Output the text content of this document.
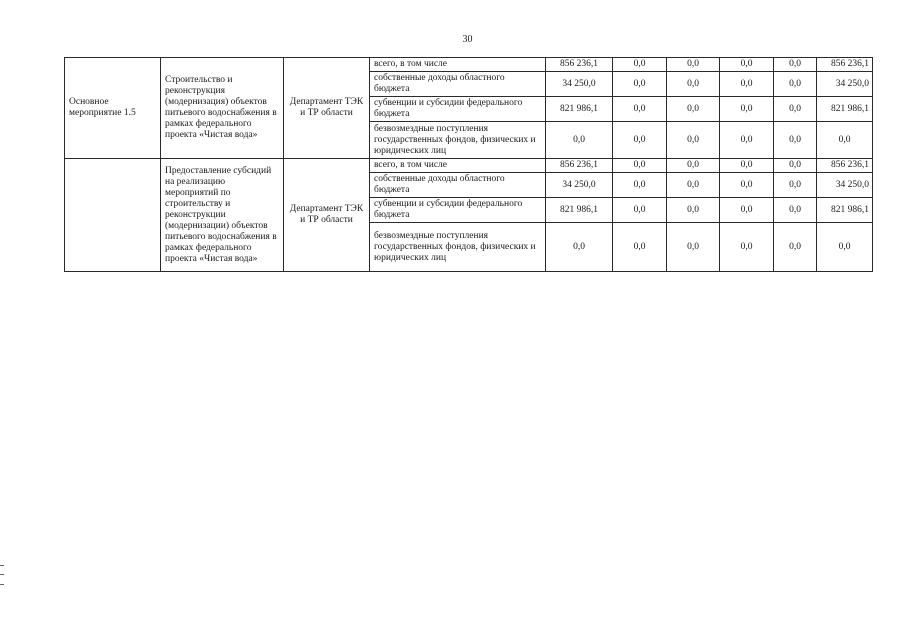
30
Основное мероприятие 1.5	Строительство и реконструкция (модернизация) объектов питьевого водоснабжения в рамках федерального проекта «Чистая вода»	Департамент ТЭК и ТР области	всего, в том числе	856 236,1	0,0	0,0	0,0	0,0	856 236,1
			собственные доходы областного бюджета	34 250,0	0,0	0,0	0,0	0,0	34 250,0
			субвенции и субсидии федерального бюджета	821 986,1	0,0	0,0	0,0	0,0	821 986,1
			безвозмездные поступления государственных фондов, физических и юридических лиц	0,0	0,0	0,0	0,0	0,0	0,0
	Предоставление субсидий на реализацию мероприятий по строительству и реконструкции (модернизации) объектов питьевого водоснабжения в рамках федерального проекта «Чистая вода»	Департамент ТЭК и ТР области	всего, в том числе	856 236,1	0,0	0,0	0,0	0,0	856 236,1
			собственные доходы областного бюджета	34 250,0	0,0	0,0	0,0	0,0	34 250,0
			субвенции и субсидии федерального бюджета	821 986,1	0,0	0,0	0,0	0,0	821 986,1
			безвозмездные поступления государственных фондов, физических и юридических лиц	0,0	0,0	0,0	0,0	0,0	0,0
